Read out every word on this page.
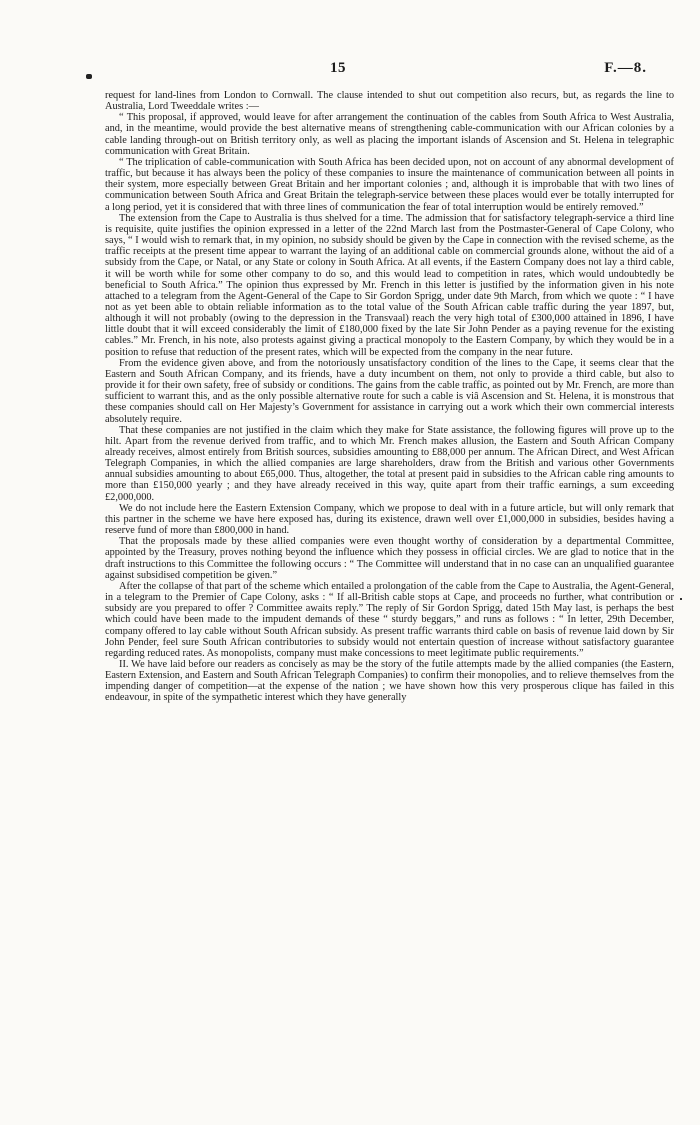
15	F.—8.

request for land-lines from London to Cornwall. The clause intended to shut out competition also recurs, but, as regards the line to Australia, Lord Tweeddale writes :—

“ This proposal, if approved, would leave for after arrangement the continuation of the cables from South Africa to West Australia, and, in the meantime, would provide the best alternative means of strengthening cable-communication with our African colonies by a cable landing through-out on British territory only, as well as placing the important islands of Ascension and St. Helena in telegraphic communication with Great Britain.

“ The triplication of cable-communication with South Africa has been decided upon, not on account of any abnormal development of traffic, but because it has always been the policy of these companies to insure the maintenance of communication between all points in their system, more especially between Great Britain and her important colonies ; and, although it is improbable that with two lines of communication between South Africa and Great Britain the telegraph-service between these places would ever be totally interrupted for a long period, yet it is considered that with three lines of communication the fear of total interruption would be entirely removed.”

The extension from the Cape to Australia is thus shelved for a time. The admission that for satisfactory telegraph-service a third line is requisite, quite justifies the opinion expressed in a letter of the 22nd March last from the Postmaster-General of Cape Colony, who says, “ I would wish to remark that, in my opinion, no subsidy should be given by the Cape in connection with the revised scheme, as the traffic receipts at the present time appear to warrant the laying of an additional cable on commercial grounds alone, without the aid of a subsidy from the Cape, or Natal, or any State or colony in South Africa. At all events, if the Eastern Company does not lay a third cable, it will be worth while for some other company to do so, and this would lead to competition in rates, which would undoubtedly be beneficial to South Africa.” The opinion thus expressed by Mr. French in this letter is justified by the information given in his note attached to a telegram from the Agent-General of the Cape to Sir Gordon Sprigg, under date 9th March, from which we quote : “ I have not as yet been able to obtain reliable information as to the total value of the South African cable traffic during the year 1897, but, although it will not probably (owing to the depression in the Transvaal) reach the very high total of £300,000 attained in 1896, I have little doubt that it will exceed considerably the limit of £180,000 fixed by the late Sir John Pender as a paying revenue for the existing cables.” Mr. French, in his note, also protests against giving a practical monopoly to the Eastern Company, by which they would be in a position to refuse that reduction of the present rates, which will be expected from the company in the near future.

From the evidence given above, and from the notoriously unsatisfactory condition of the lines to the Cape, it seems clear that the Eastern and South African Company, and its friends, have a duty incumbent on them, not only to provide a third cable, but also to provide it for their own safety, free of subsidy or conditions. The gains from the cable traffic, as pointed out by Mr. French, are more than sufficient to warrant this, and as the only possible alternative route for such a cable is viâ Ascension and St. Helena, it is monstrous that these companies should call on Her Majesty’s Government for assistance in carrying out a work which their own commercial interests absolutely require.

That these companies are not justified in the claim which they make for State assistance, the following figures will prove up to the hilt. Apart from the revenue derived from traffic, and to which Mr. French makes allusion, the Eastern and South African Company already receives, almost entirely from British sources, subsidies amounting to £88,000 per annum. The African Direct, and West African Telegraph Companies, in which the allied companies are large shareholders, draw from the British and various other Governments annual subsidies amounting to about £65,000. Thus, altogether, the total at present paid in subsidies to the African cable ring amounts to more than £150,000 yearly ; and they have already received in this way, quite apart from their traffic earnings, a sum exceeding £2,000,000.

We do not include here the Eastern Extension Company, which we propose to deal with in a future article, but will only remark that this partner in the scheme we have here exposed has, during its existence, drawn well over £1,000,000 in subsidies, besides having a reserve fund of more than £800,000 in hand.

That the proposals made by these allied companies were even thought worthy of consideration by a departmental Committee, appointed by the Treasury, proves nothing beyond the influence which they possess in official circles. We are glad to notice that in the draft instructions to this Committee the following occurs : “ The Committee will understand that in no case can an unqualified guarantee against subsidised competition be given.”

After the collapse of that part of the scheme which entailed a prolongation of the cable from the Cape to Australia, the Agent-General, in a telegram to the Premier of Cape Colony, asks : “ If all-British cable stops at Cape, and proceeds no further, what contribution or subsidy are you prepared to offer ? Committee awaits reply.” The reply of Sir Gordon Sprigg, dated 15th May last, is perhaps the best which could have been made to the impudent demands of these “ sturdy beggars,” and runs as follows : “ In letter, 29th December, company offered to lay cable without South African subsidy. As present traffic warrants third cable on basis of revenue laid down by Sir John Pender, feel sure South African contributories to subsidy would not entertain question of increase without satisfactory guarantee regarding reduced rates. As monopolists, company must make concessions to meet legitimate public requirements.”

II. We have laid before our readers as concisely as may be the story of the futile attempts made by the allied companies (the Eastern, Eastern Extension, and Eastern and South African Telegraph Companies) to confirm their monopolies, and to relieve themselves from the impending danger of competition—at the expense of the nation ; we have shown how this very prosperous clique has failed in this endeavour, in spite of the sympathetic interest which they have generally
